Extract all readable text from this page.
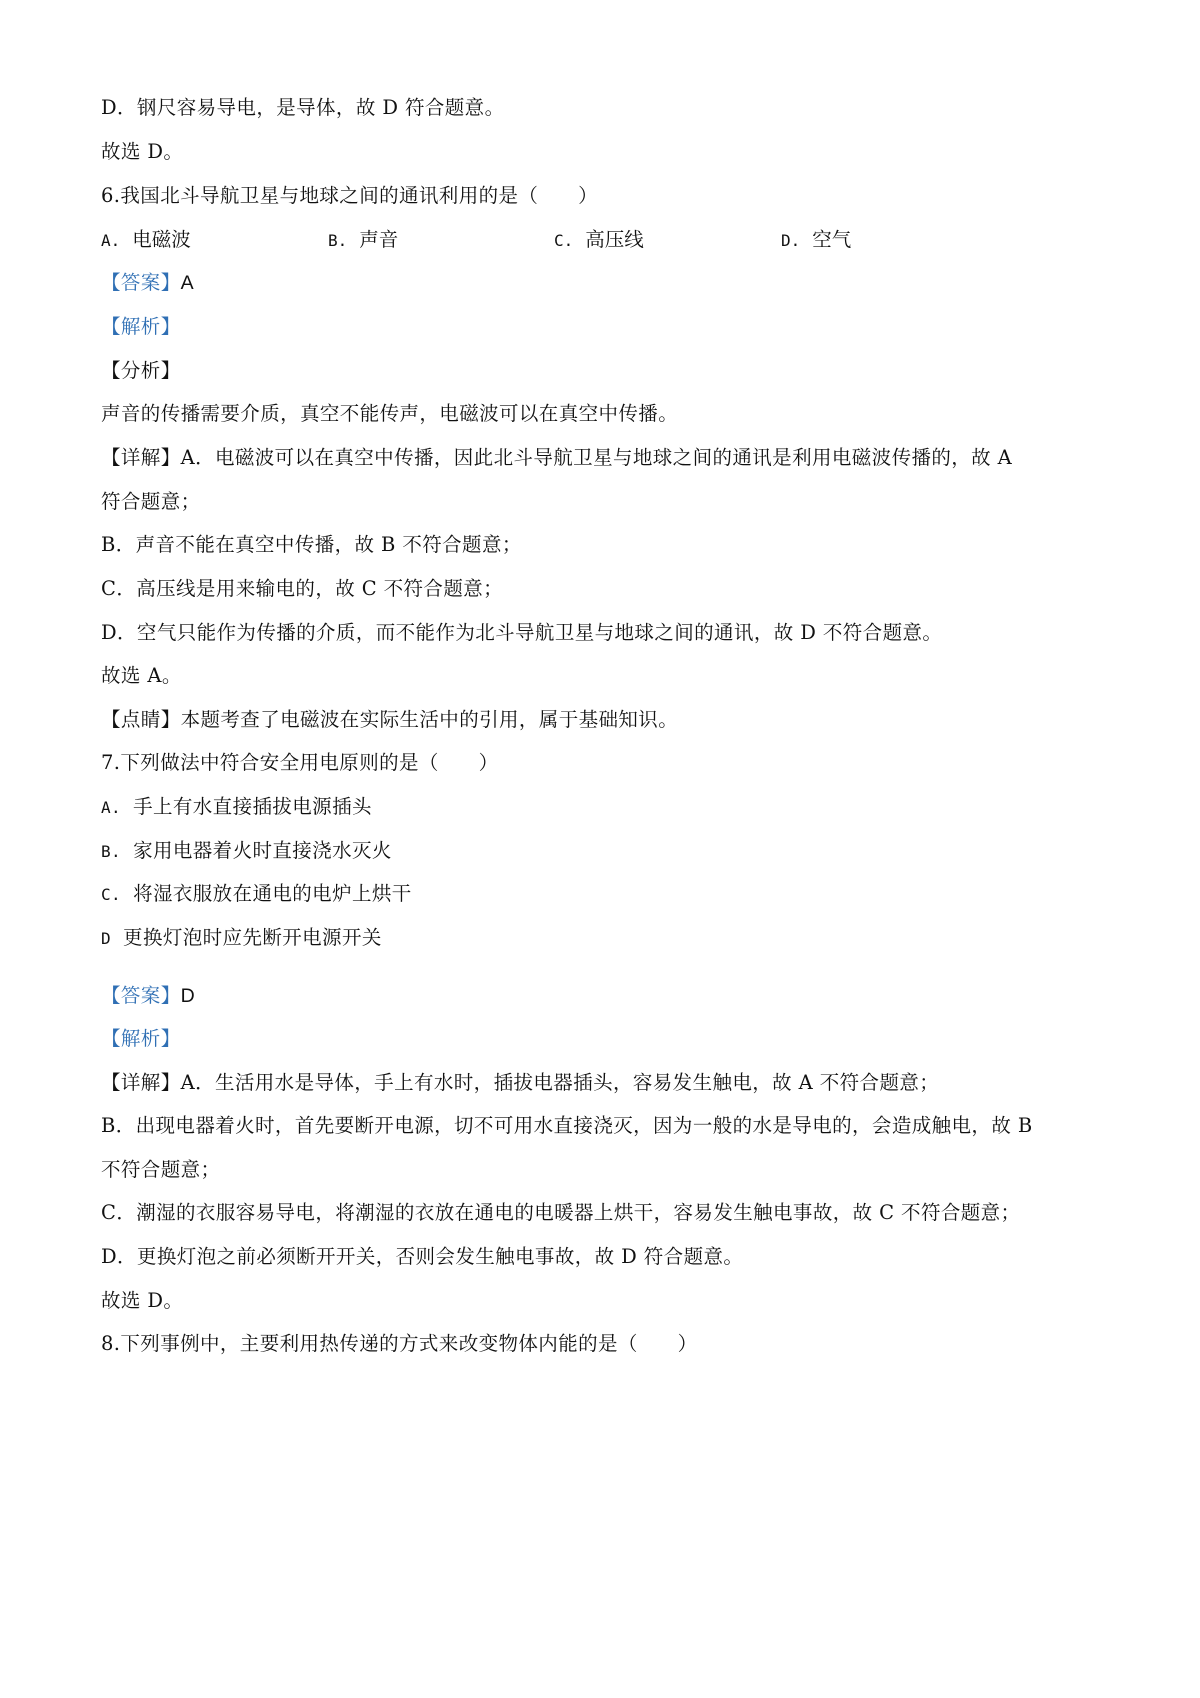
D．钢尺容易导电，是导体，故 D 符合题意。
故选 D。
6.我国北斗导航卫星与地球之间的通讯利用的是（　　）
A. 电磁波	B. 声音	C. 高压线	D. 空气
【答案】A
【解析】
【分析】
声音的传播需要介质，真空不能传声，电磁波可以在真空中传播。
【详解】A．电磁波可以在真空中传播，因此北斗导航卫星与地球之间的通讯是利用电磁波传播的，故 A
符合题意；
B．声音不能在真空中传播，故 B 不符合题意；
C．高压线是用来输电的，故 C 不符合题意；
D．空气只能作为传播的介质，而不能作为北斗导航卫星与地球之间的通讯，故 D 不符合题意。
故选 A。
【点睛】本题考查了电磁波在实际生活中的引用，属于基础知识。
7.下列做法中符合安全用电原则的是（　　）
A. 手上有水直接插拔电源插头
B. 家用电器着火时直接浇水灭火
C. 将湿衣服放在通电的电炉上烘干
D 更换灯泡时应先断开电源开关
【答案】D
【解析】
【详解】A．生活用水是导体，手上有水时，插拔电器插头，容易发生触电，故 A 不符合题意；
B．出现电器着火时，首先要断开电源，切不可用水直接浇灭，因为一般的水是导电的，会造成触电，故 B
不符合题意；
C．潮湿的衣服容易导电，将潮湿的衣放在通电的电暖器上烘干，容易发生触电事故，故 C 不符合题意；
D．更换灯泡之前必须断开开关，否则会发生触电事故，故 D 符合题意。
故选 D。
8.下列事例中，主要利用热传递的方式来改变物体内能的是（　　）
